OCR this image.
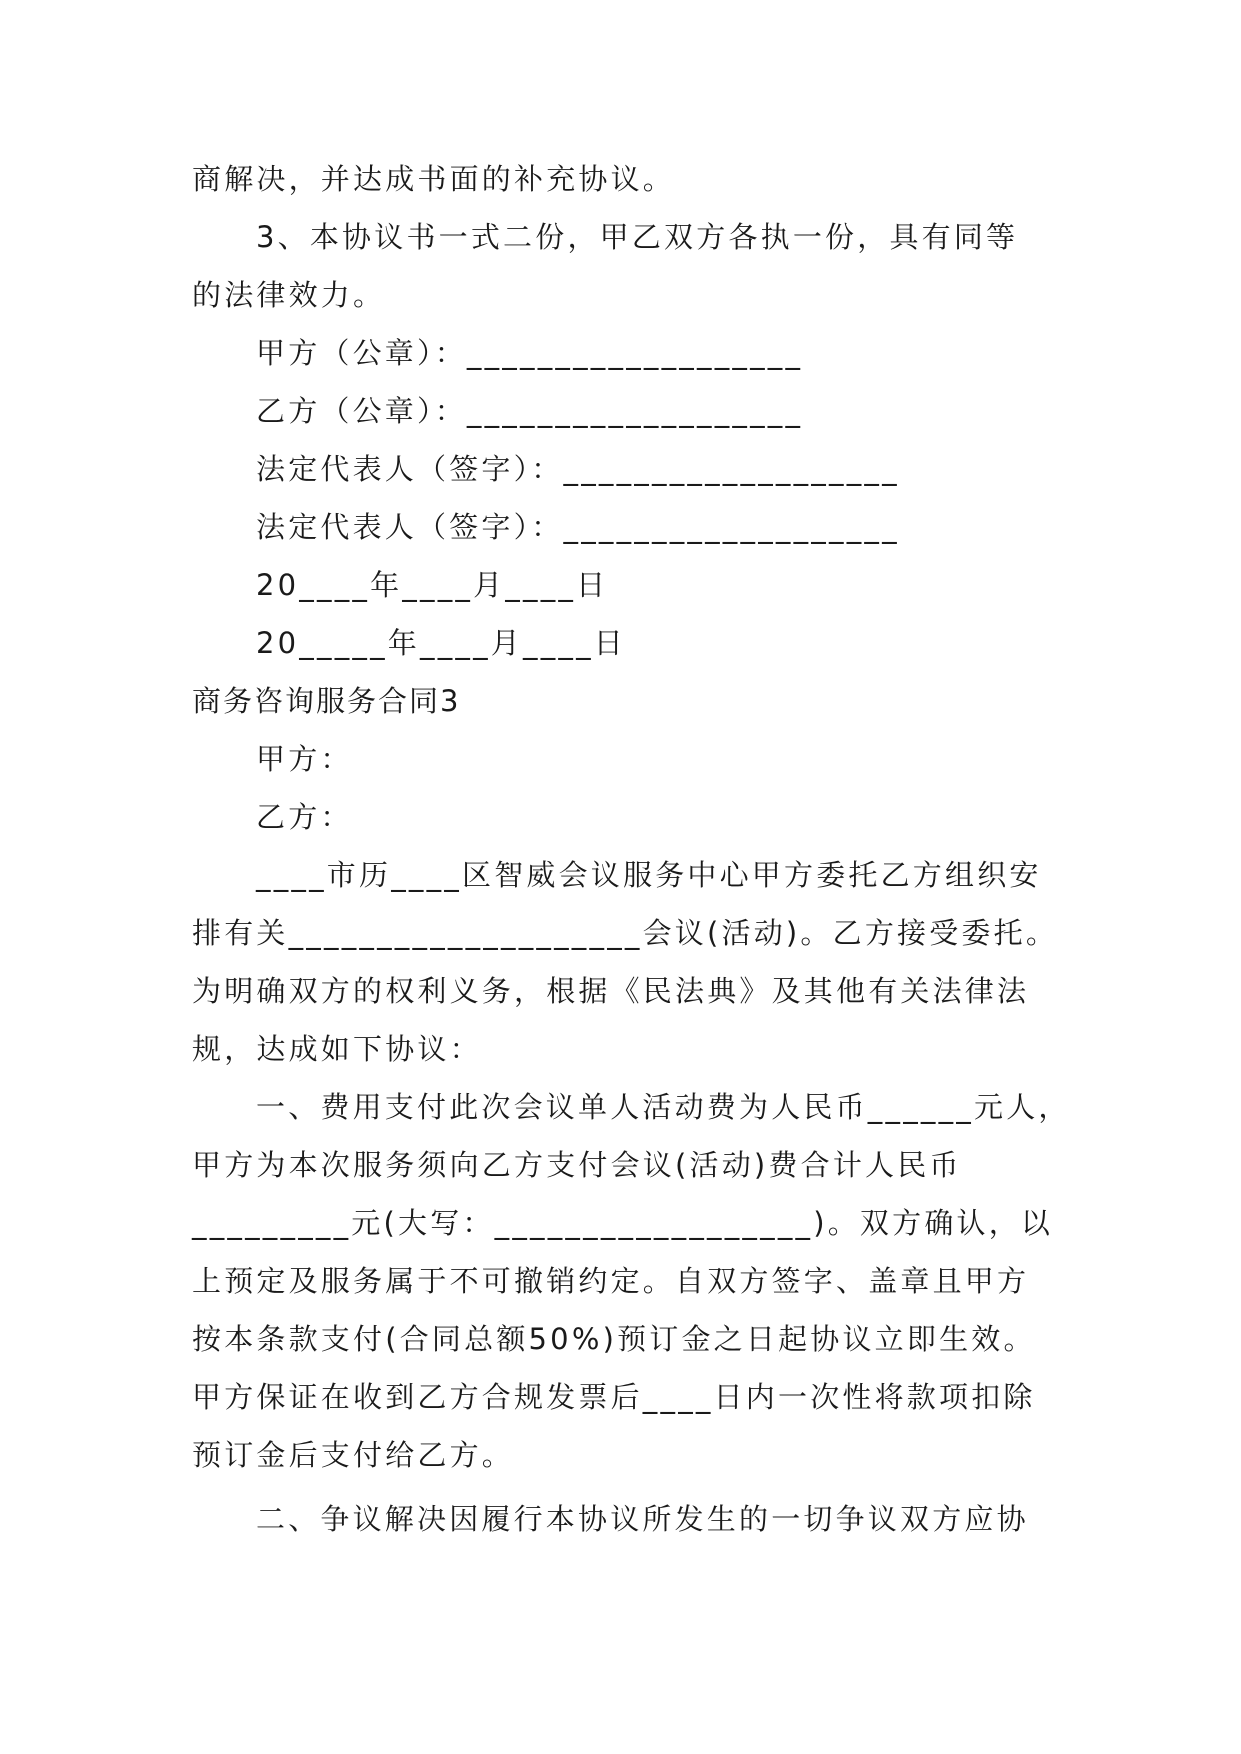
商解决，并达成书面的补充协议。
3、本协议书一式二份，甲乙双方各执一份，具有同等
的法律效力。
甲方（公章）：___________________
乙方（公章）：___________________
法定代表人（签字）：___________________
法定代表人（签字）：___________________
20____年____月____日
20_____年____月____日
商务咨询服务合同3
甲方：
乙方：
____市历____区智威会议服务中心甲方委托乙方组织安
排有关____________________会议(活动)。乙方接受委托。
为明确双方的权利义务，根据《民法典》及其他有关法律法
规，达成如下协议：
一、费用支付此次会议单人活动费为人民币______元人，
甲方为本次服务须向乙方支付会议(活动)费合计人民币
_________元(大写：__________________)。双方确认，以
上预定及服务属于不可撤销约定。自双方签字、盖章且甲方
按本条款支付(合同总额50%)预订金之日起协议立即生效。
甲方保证在收到乙方合规发票后____日内一次性将款项扣除
预订金后支付给乙方。
二、争议解决因履行本协议所发生的一切争议双方应协
